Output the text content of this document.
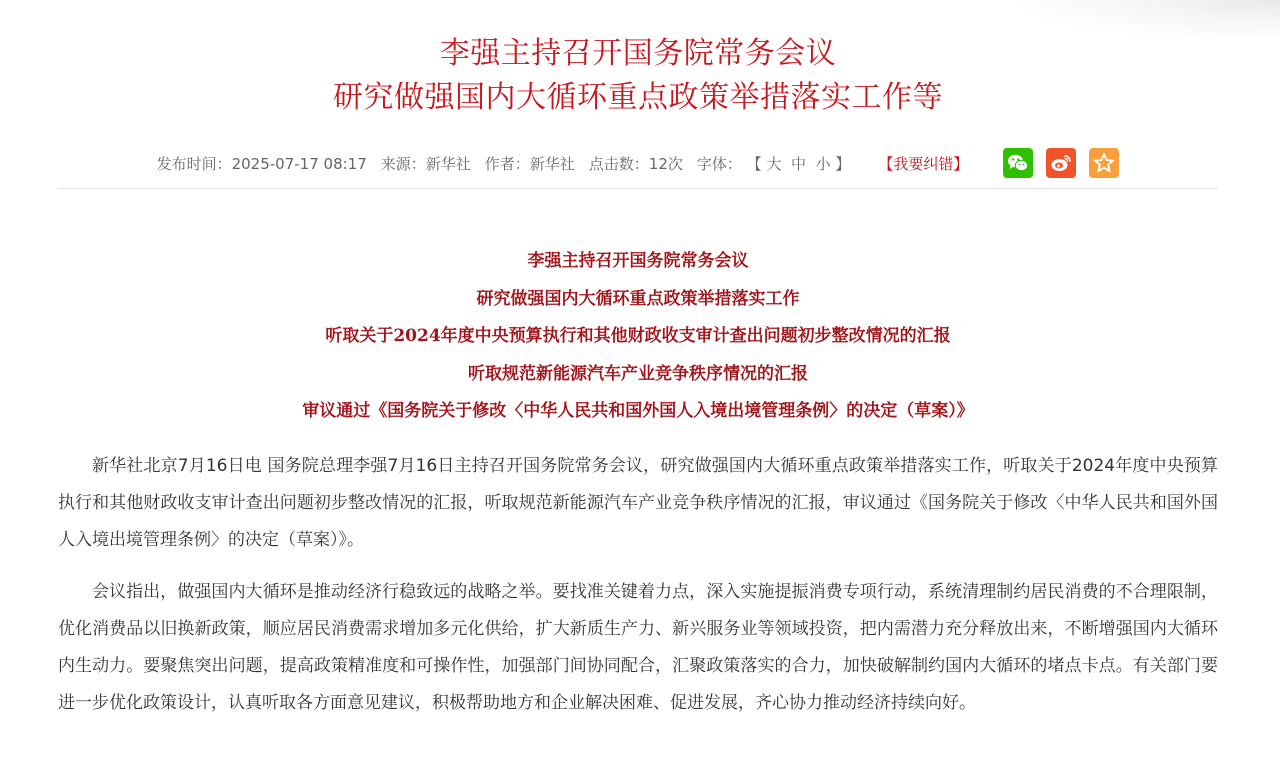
李强主持召开国务院常务会议
研究做强国内大循环重点政策举措落实工作等
发布时间：2025-07-17 08:17 来源：新华社 作者：新华社 点击数：12次 字体： 【 大 中 小 】 【我要纠错】

李强主持召开国务院常务会议

研究做强国内大循环重点政策举措落实工作

听取关于2024年度中央预算执行和其他财政收支审计查出问题初步整改情况的汇报

听取规范新能源汽车产业竞争秩序情况的汇报

审议通过《国务院关于修改〈中华人民共和国外国人入境出境管理条例〉的决定（草案）》

新华社北京7月16日电 国务院总理李强7月16日主持召开国务院常务会议，研究做强国内大循环重点政策举措落实工作，听取关于2024年度中央预算执行和其他财政收支审计查出问题初步整改情况的汇报，听取规范新能源汽车产业竞争秩序情况的汇报，审议通过《国务院关于修改〈中华人民共和国外国人入境出境管理条例〉的决定（草案）》。

会议指出，做强国内大循环是推动经济行稳致远的战略之举。要找准关键着力点，深入实施提振消费专项行动，系统清理制约居民消费的不合理限制，优化消费品以旧换新政策，顺应居民消费需求增加多元化供给，扩大新质生产力、新兴服务业等领域投资，把内需潜力充分释放出来，不断增强国内大循环内生动力。要聚焦突出问题，提高政策精准度和可操作性，加强部门间协同配合，汇聚政策落实的合力，加快破解制约国内大循环的堵点卡点。有关部门要进一步优化政策设计，认真听取各方面意见建议，积极帮助地方和企业解决困难、促进发展，齐心协力推动经济持续向好。
